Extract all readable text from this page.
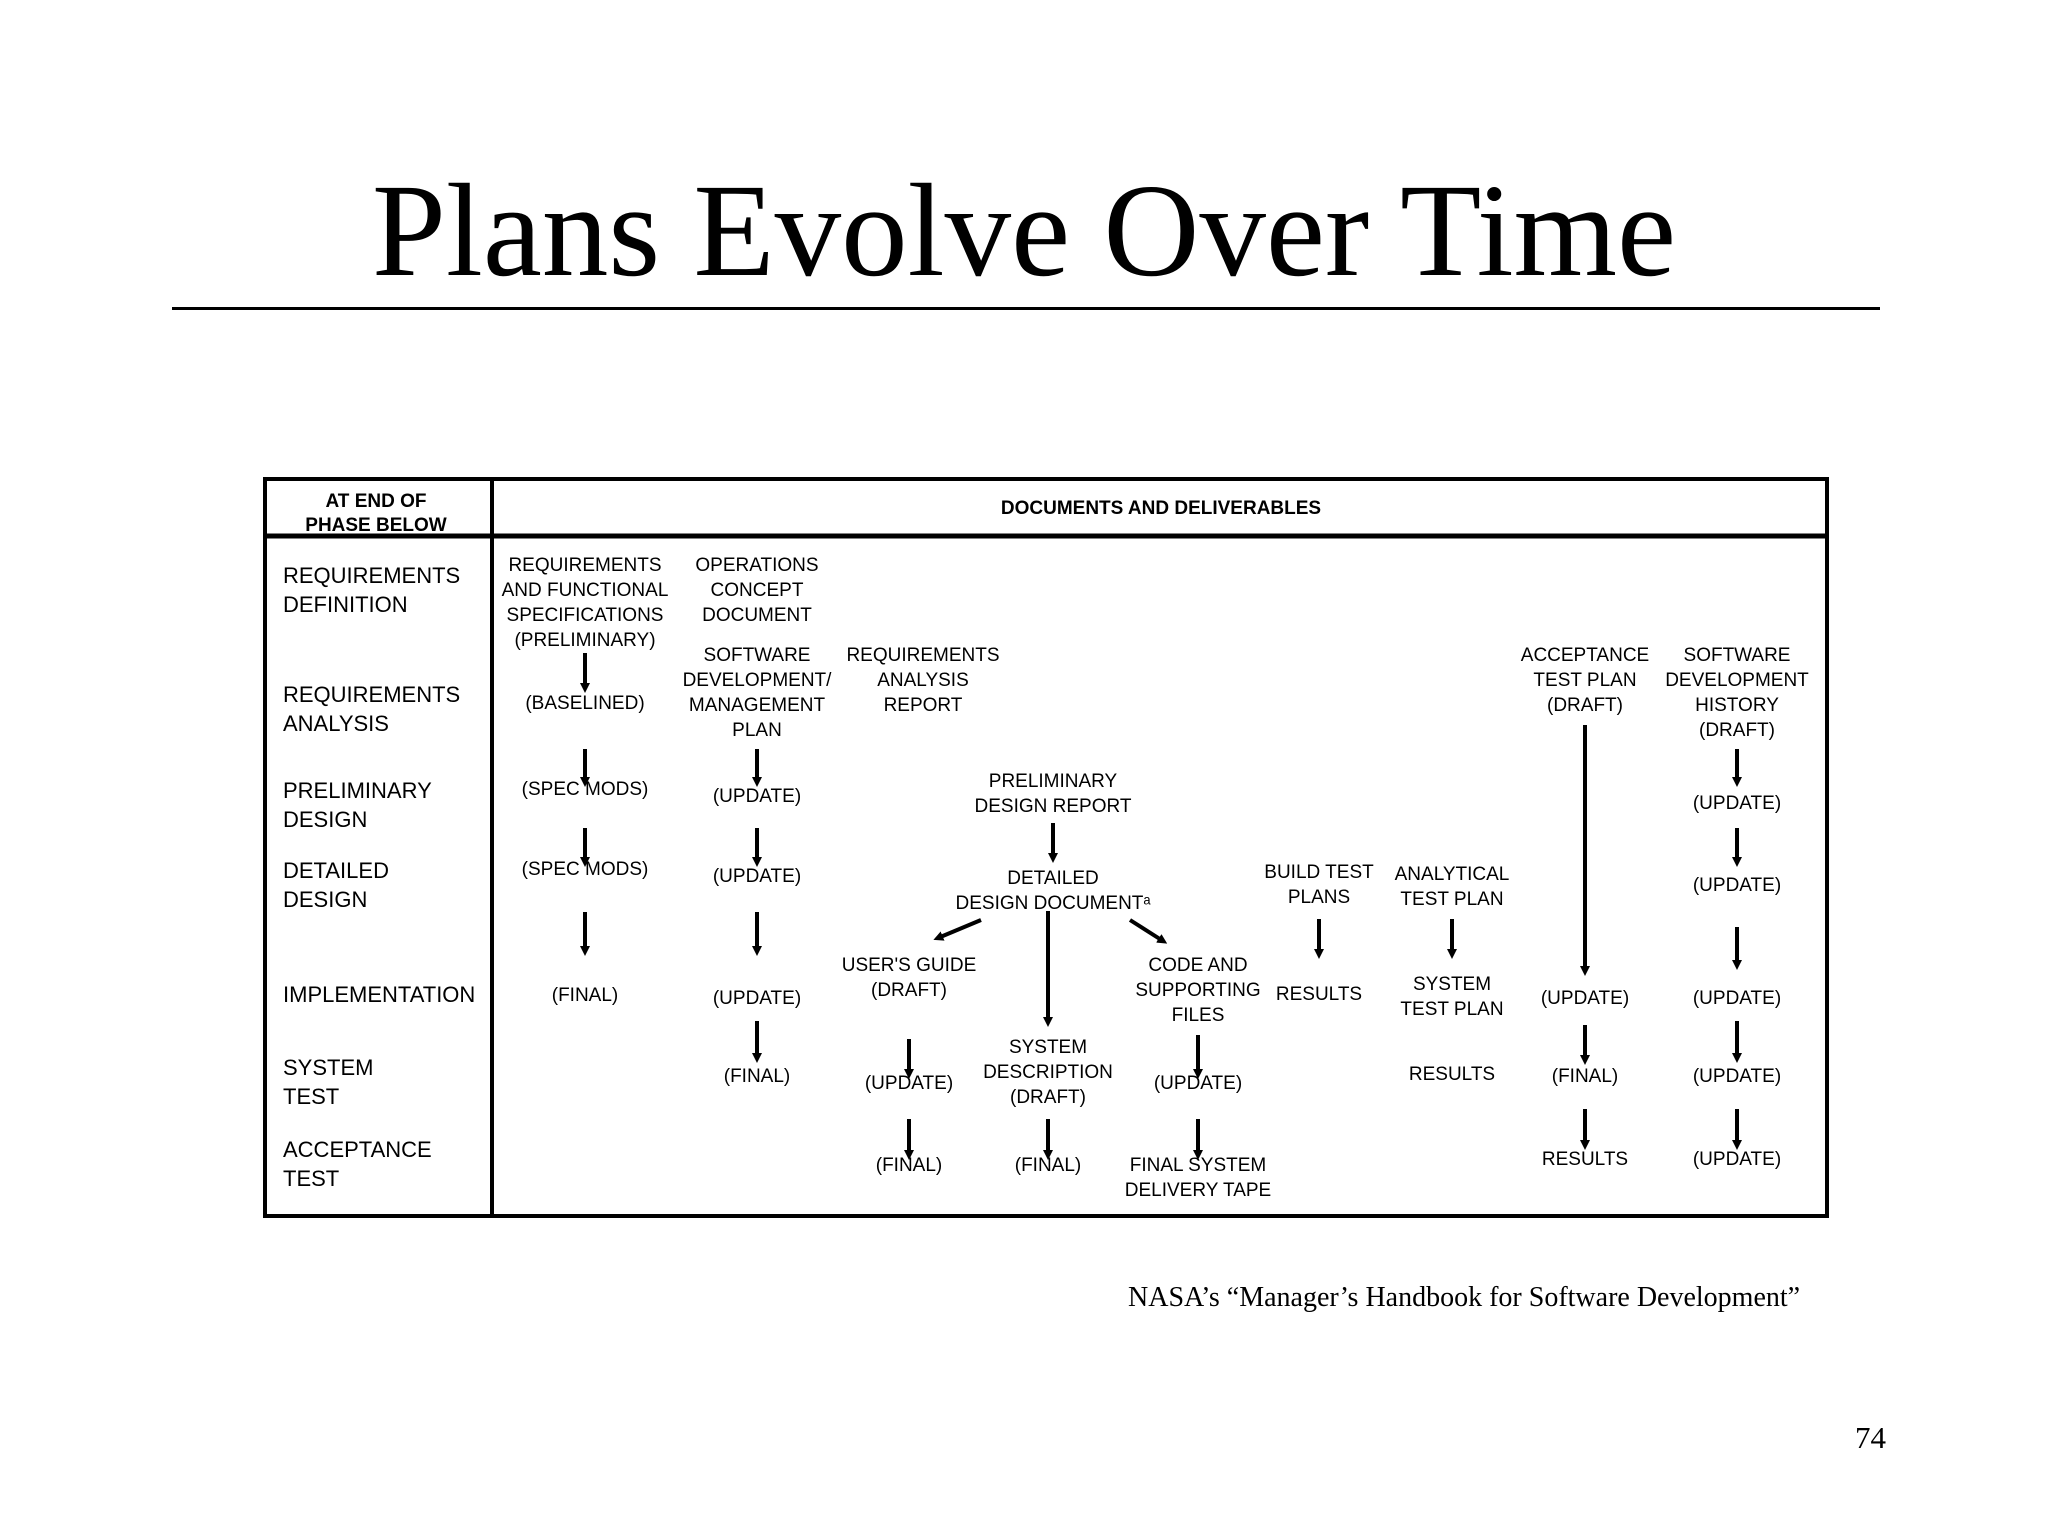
Plans Evolve Over Time
AT END OF PHASE BELOW
DOCUMENTS AND DELIVERABLES
REQUIREMENTS DEFINITION
REQUIREMENTS ANALYSIS
PRELIMINARY DESIGN
DETAILED DESIGN
IMPLEMENTATION
SYSTEM TEST
ACCEPTANCE TEST
REQUIREMENTS AND FUNCTIONAL SPECIFICATIONS (PRELIMINARY)
(BASELINED)
(SPEC MODS)
(SPEC MODS)
(FINAL)
OPERATIONS CONCEPT DOCUMENT
SOFTWARE DEVELOPMENT/ MANAGEMENT PLAN
(UPDATE)
(UPDATE)
(UPDATE)
(FINAL)
REQUIREMENTS ANALYSIS REPORT
PRELIMINARY DESIGN REPORT
DETAILED DESIGN DOCUMENTᵃ
USER'S GUIDE (DRAFT)
(UPDATE)
(FINAL)
SYSTEM DESCRIPTION (DRAFT)
(FINAL)
CODE AND SUPPORTING FILES
(UPDATE)
FINAL SYSTEM DELIVERY TAPE
BUILD TEST PLANS
RESULTS
ANALYTICAL TEST PLAN
SYSTEM TEST PLAN
RESULTS
ACCEPTANCE TEST PLAN (DRAFT)
(UPDATE)
(FINAL)
RESULTS
SOFTWARE DEVELOPMENT HISTORY (DRAFT)
(UPDATE)
(UPDATE)
(UPDATE)
(UPDATE)
(UPDATE)
NASA’s “Manager’s Handbook for Software Development”
74
